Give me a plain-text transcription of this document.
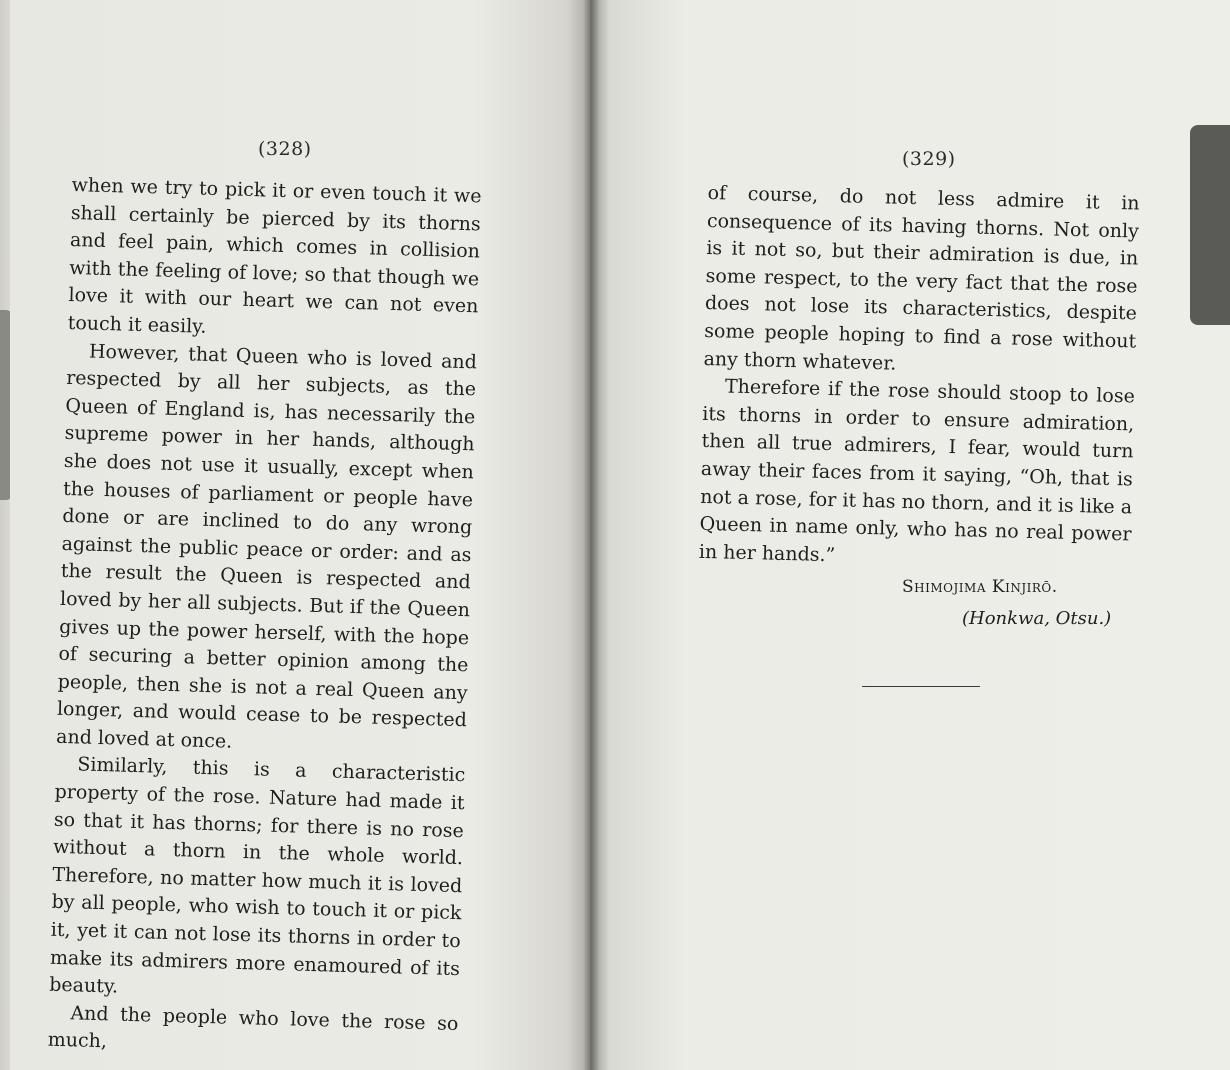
(328)

when we try to pick it or even touch it we shall certainly be pierced by its thorns and feel pain, which comes in collision with the feeling of love; so that though we love it with our heart we can not even touch it easily.

However, that Queen who is loved and respected by all her subjects, as the Queen of England is, has necessarily the supreme power in her hands, although she does not use it usually, except when the houses of parliament or people have done or are inclined to do any wrong against the public peace or order: and as the result the Queen is respected and loved by her all subjects. But if the Queen gives up the power herself, with the hope of securing a better opinion among the people, then she is not a real Queen any longer, and would cease to be respected and loved at once.

Similarly, this is a characteristic property of the rose. Nature had made it so that it has thorns; for there is no rose without a thorn in the whole world. Therefore, no matter how much it is loved by all people, who wish to touch it or pick it, yet it can not lose its thorns in order to make its admirers more enamoured of its beauty.

And the people who love the rose so much,

(329)

of course, do not less admire it in consequence of its having thorns. Not only is it not so, but their admiration is due, in some respect, to the very fact that the rose does not lose its characteristics, despite some people hoping to find a rose without any thorn whatever.

Therefore if the rose should stoop to lose its thorns in order to ensure admiration, then all true admirers, I fear, would turn away their faces from it saying, “Oh, that is not a rose, for it has no thorn, and it is like a Queen in name only, who has no real power in her hands.”

Shimojima Kinjirō.
(Honkwa, Otsu.)
